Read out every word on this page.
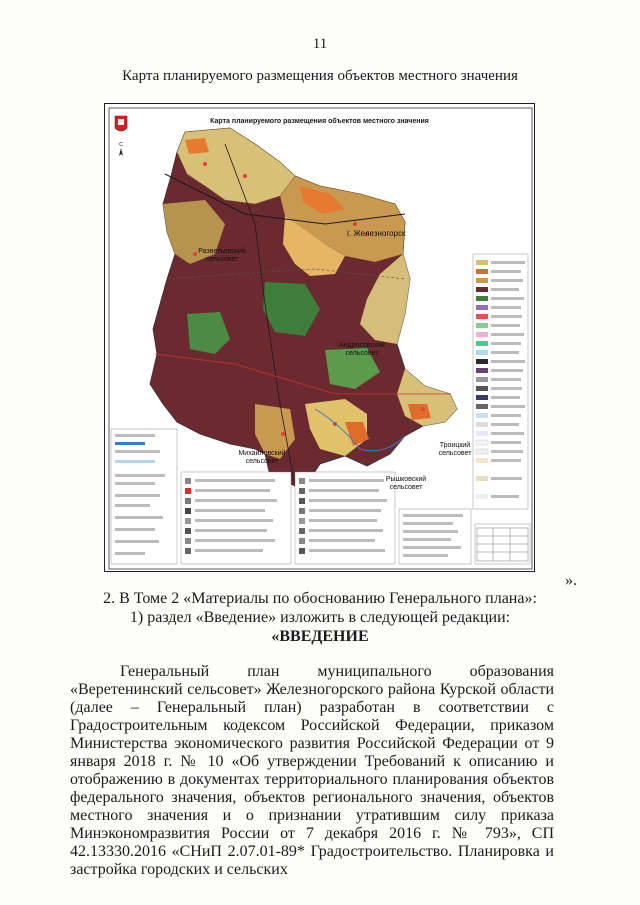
11
Карта планируемого размещения объектов местного значения
С
Карта планируемого размещения объектов местного значения
г. Железногорск
Разветьевский сельсовет
Андросовский сельсовет
Троицкий сельсовет
Михайловский сельсовет
Рышковский сельсовет
».
2. В Томе 2 «Материалы по обоснованию Генерального плана»:
1) раздел «Введение» изложить в следующей редакции:
«ВВЕДЕНИЕ
Генеральный план муниципального образования «Веретенинский сельсовет» Железногорского района Курской области (далее – Генеральный план) разработан в соответствии с Градостроительным кодексом Российской Федерации, приказом Министерства экономического развития Российской Федерации от 9 января 2018 г. № 10 «Об утверждении Требований к описанию и отображению в документах территориального планирования объектов федерального значения, объектов регионального значения, объектов местного значения и о признании утратившим силу приказа Минэкономразвития России от 7 декабря 2016 г. № 793», СП 42.13330.2016 «СНиП 2.07.01-89* Градостроительство. Планировка и застройка городских и сельских
